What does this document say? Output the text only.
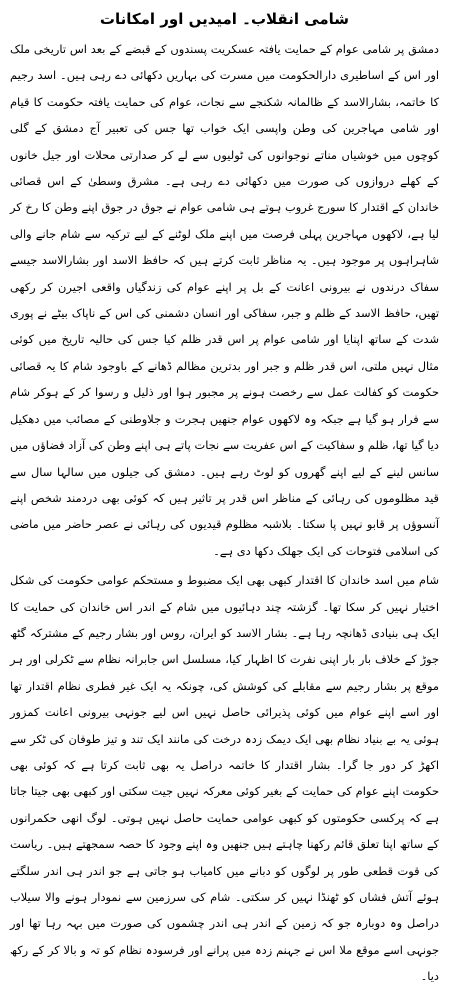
شامی انقلاب۔ امیدیں اور امکانات

دمشق پر شامی عوام کے حمایت یافتہ عسکریت پسندوں کے قبضے کے بعد اس تاریخی ملک اور اس کے اساطیری دارالحکومت میں مسرت کی بہاریں دکھائی دے رہی ہیں۔ اسد رجیم کا خاتمہ، بشارالاسد کے ظالمانہ شکنجے سے نجات، عوام کی حمایت یافتہ حکومت کا قیام اور شامی مہاجرین کی وطن واپسی ایک خواب تھا جس کی تعبیر آج دمشق کے گلی کوچوں میں خوشیاں مناتے نوجوانوں کی ٹولیوں سے لے کر صدارتی محلات اور جیل خانوں کے کھلے دروازوں کی صورت میں دکھائی دے رہی ہے۔ مشرق وسطیٰ کے اس قصائی خاندان کے اقتدار کا سورج غروب ہوتے ہی شامی عوام نے جوق در جوق اپنے وطن کا رخ کر لیا ہے، لاکھوں مہاجرین پہلی فرصت میں اپنے ملک لوٹنے کے لیے ترکیہ سے شام جانے والی شاہراہوں پر موجود ہیں۔ یہ مناظر ثابت کرتے ہیں کہ حافظ الاسد اور بشارالاسد جیسے سفاک درندوں نے بیرونی اعانت کے بل پر اپنے عوام کی زندگیاں واقعی اجیرن کر رکھی تھیں، حافظ الاسد کے ظلم و جبر، سفاکی اور انسان دشمنی کی اس کے ناپاک بیٹے نے پوری شدت کے ساتھ اپنایا اور شامی عوام پر اس قدر ظلم کیا جس کی حالیہ تاریخ میں کوئی مثال نہیں ملتی، اس قدر ظلم و جبر اور بدترین مظالم ڈھانے کے باوجود شام کا یہ قصائی حکومت کو کفالت عمل سے رخصت ہونے پر مجبور ہوا اور ذلیل و رسوا کر کے ہوکر شام سے فرار ہو گیا ہے جبکہ وہ لاکھوں عوام جنھیں ہجرت و جلاوطنی کے مصائب میں دھکیل دیا گیا تھا، ظلم و سفاکیت کے اس عفریت سے نجات پاتے ہی اپنے وطن کی آزاد فضاؤں میں سانس لینے کے لیے اپنے گھروں کو لوٹ رہے ہیں۔ دمشق کی جیلوں میں سالہا سال سے قید مظلوموں کی رہائی کے مناظر اس قدر پر تاثیر ہیں کہ کوئی بھی دردمند شخص اپنے آنسوؤں پر قابو نہیں پا سکتا۔ بلاشبہ مظلوم قیدیوں کی رہائی نے عصر حاضر میں ماضی کی اسلامی فتوحات کی ایک جھلک دکھا دی ہے۔

شام میں اسد خاندان کا اقتدار کبھی بھی ایک مضبوط و مستحکم عوامی حکومت کی شکل اختیار نہیں کر سکا تھا۔ گزشتہ چند دہائیوں میں شام کے اندر اس خاندان کی حمایت کا ایک ہی بنیادی ڈھانچہ رہا ہے۔ بشار الاسد کو ایران، روس اور بشار رجیم کے مشترکہ گٹھ جوڑ کے خلاف بار بار اپنی نفرت کا اظہار کیا، مسلسل اس جابرانہ نظام سے ٹکرلی اور ہر موقع پر بشار رجیم سے مقابلے کی کوشش کی، چونکہ یہ ایک غیر فطری نظام اقتدار تھا اور اسے اپنے عوام میں کوئی پذیرائی حاصل نہیں اس لیے جونہی بیرونی اعانت کمزور ہوئی یہ بے بنیاد نظام بھی ایک دیمک زدہ درخت کی مانند ایک تند و تیز طوفان کی ٹکر سے اکھڑ کر دور جا گرا۔ بشار اقتدار کا خاتمہ دراصل یہ بھی ثابت کرتا ہے کہ کوئی بھی حکومت اپنے عوام کی حمایت کے بغیر کوئی معرکہ نہیں جیت سکتی اور کبھی بھی جیتا جاتا ہے کہ پرکسی حکومتوں کو کبھی عوامی حمایت حاصل نہیں ہوتی۔ لوگ انھی حکمرانوں کے ساتھ اپنا تعلق قائم رکھنا چاہتے ہیں جنھیں وہ اپنے وجود کا حصہ سمجھتے ہیں۔ ریاست کی قوت قطعی طور پر لوگوں کو دبانے میں کامیاب ہو جاتی ہے جو اندر ہی اندر سلگتے ہوئے آتش فشاں کو ٹھنڈا نہیں کر سکتی۔ شام کی سرزمین سے نمودار ہونے والا سیلاب دراصل وہ دوبارہ جو کہ زمین کے اندر ہی اندر چشموں کی صورت میں بہہ رہا تھا اور جونہی اسے موقع ملا اس نے جہنم زدہ میں پرانے اور فرسودہ نظام کو تہ و بالا کر کے رکھ دیا۔
